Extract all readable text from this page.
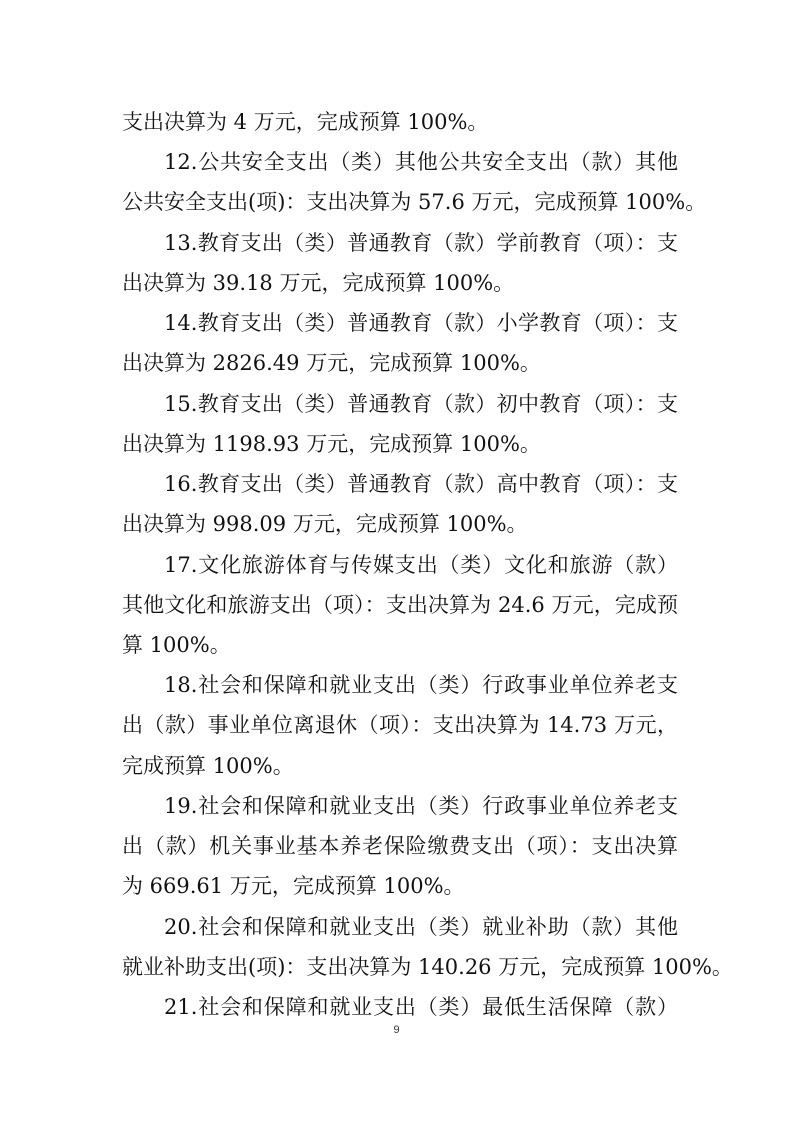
支出决算为 4 万元，完成预算 100%。
12.公共安全支出（类）其他公共安全支出（款）其他
公共安全支出(项)：支出决算为 57.6 万元，完成预算 100%。
13.教育支出（类）普通教育（款）学前教育（项）：支
出决算为 39.18 万元，完成预算 100%。
14.教育支出（类）普通教育（款）小学教育（项）：支
出决算为 2826.49 万元，完成预算 100%。
15.教育支出（类）普通教育（款）初中教育（项）：支
出决算为 1198.93 万元，完成预算 100%。
16.教育支出（类）普通教育（款）高中教育（项）：支
出决算为 998.09 万元，完成预算 100%。
17.文化旅游体育与传媒支出（类）文化和旅游（款）
其他文化和旅游支出（项）：支出决算为 24.6 万元，完成预
算 100%。
18.社会和保障和就业支出（类）行政事业单位养老支
出（款）事业单位离退休（项）：支出决算为 14.73 万元，
完成预算 100%。
19.社会和保障和就业支出（类）行政事业单位养老支
出（款）机关事业基本养老保险缴费支出（项）：支出决算
为 669.61 万元，完成预算 100%。
20.社会和保障和就业支出（类）就业补助（款）其他
就业补助支出(项)：支出决算为 140.26 万元，完成预算 100%。
21.社会和保障和就业支出（类）最低生活保障（款）
9
